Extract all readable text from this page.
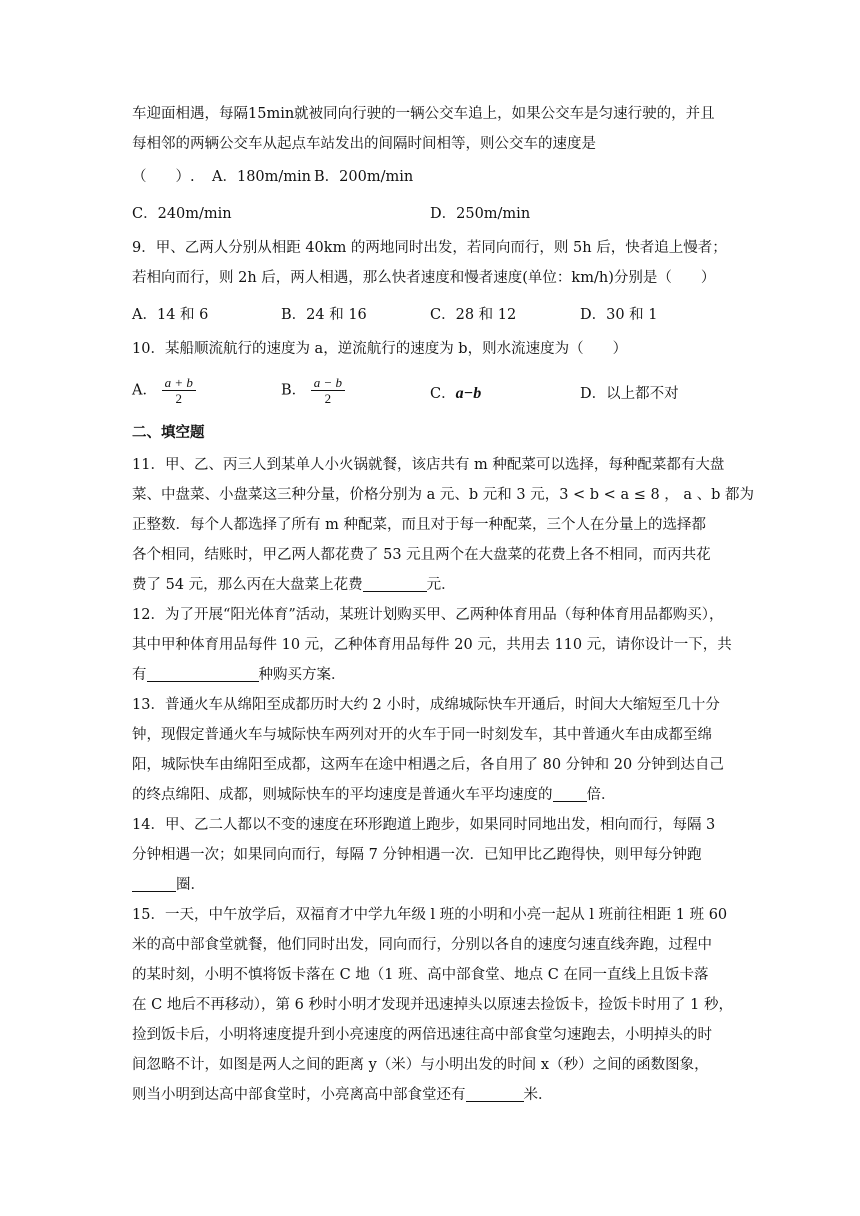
车迎面相遇，每隔15min就被同向行驶的一辆公交车追上，如果公交车是匀速行驶的，并且
每相邻的两辆公交车从起点车站发出的间隔时间相等，则公交车的速度是
（　　）. A．180m/min B．200m/min
C．240m/min	D．250m/min
9．甲、乙两人分别从相距 40km 的两地同时出发，若同向而行，则 5h 后，快者追上慢者；
若相向而行，则 2h 后，两人相遇，那么快者速度和慢者速度(单位：km/h)分别是（　　）
A．14 和 6	B．24 和 16	C．28 和 12	D．30 和 1
10．某船顺流航行的速度为 a，逆流航行的速度为 b，则水流速度为（　　）
A． $\frac{a + b}{2}$	B． $\frac{a - b}{2}$	C．a−b	D．以上都不对
二、填空题
11．甲、乙、丙三人到某单人小火锅就餐，该店共有 m 种配菜可以选择，每种配菜都有大盘
菜、中盘菜、小盘菜这三种分量，价格分别为 a 元、b 元和 3 元，3 < b < a ≤ 8 ， a 、b 都为
正整数．每个人都选择了所有 m 种配菜，而且对于每一种配菜，三个人在分量上的选择都
各个相同，结账时，甲乙两人都花费了 53 元且两个在大盘菜的花费上各不相同，而丙共花
费了 54 元，那么丙在大盘菜上花费	元．
12．为了开展“阳光体育”活动，某班计划购买甲、乙两种体育用品（每种体育用品都购买），
其中甲种体育用品每件 10 元，乙种体育用品每件 20 元，共用去 110 元，请你设计一下，共
有	种购买方案．
13．普通火车从绵阳至成都历时大约 2 小时，成绵城际快车开通后，时间大大缩短至几十分
钟，现假定普通火车与城际快车两列对开的火车于同一时刻发车，其中普通火车由成都至绵
阳，城际快车由绵阳至成都，这两车在途中相遇之后，各自用了 80 分钟和 20 分钟到达自己
的终点绵阳、成都，则城际快车的平均速度是普通火车平均速度的 倍．
14．甲、乙二人都以不变的速度在环形跑道上跑步，如果同时同地出发，相向而行，每隔 3
分钟相遇一次；如果同向而行，每隔 7 分钟相遇一次．已知甲比乙跑得快，则甲每分钟跑
圈．
15．一天，中午放学后，双福育才中学九年级 l 班的小明和小亮一起从 l 班前往相距 1 班 60
米的高中部食堂就餐，他们同时出发，同向而行，分别以各自的速度匀速直线奔跑，过程中
的某时刻，小明不慎将饭卡落在 C 地（1 班、高中部食堂、地点 C 在同一直线上且饭卡落
在 C 地后不再移动），第 6 秒时小明才发现并迅速掉头以原速去捡饭卡，捡饭卡时用了 1 秒，
捡到饭卡后，小明将速度提升到小亮速度的两倍迅速往高中部食堂匀速跑去，小明掉头的时
间忽略不计，如图是两人之间的距离 y（米）与小明出发的时间 x（秒）之间的函数图象，
则当小明到达高中部食堂时，小亮离高中部食堂还有	米．
